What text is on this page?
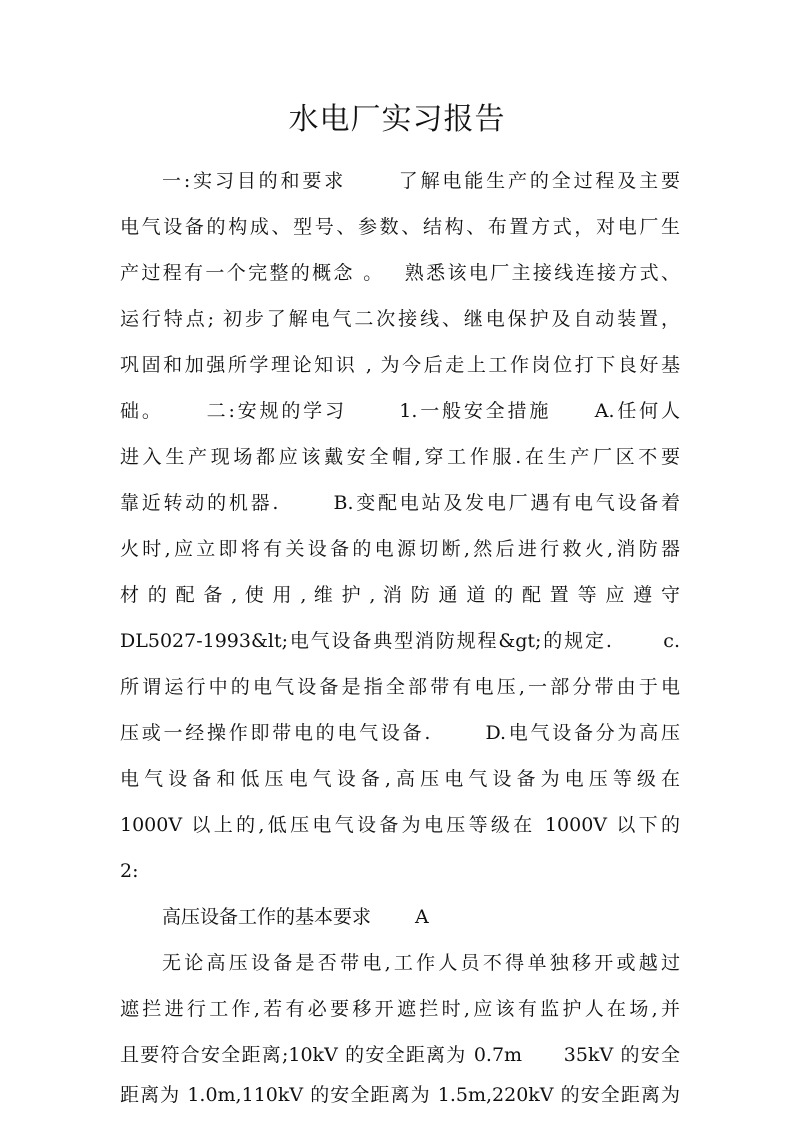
水电厂实习报告
一:实习目的和要求　　 了解电能生产的全过程及主要
电气设备的构成、型号、参数、结构、布置方式，对电厂生
产过程有一个完整的概念 。　 熟悉该电厂主接线连接方式、
运行特点; 初步了解电气二次接线、继电保护及自动装置，
巩固和加强所学理论知识 , 为今后走上工作岗位打下良好基
础。　　 二:安规的学习　　 1.一般安全措施　　A.任何人
进入生产现场都应该戴安全帽,穿工作服.在生产厂区不要
靠近转动的机器.　　 B.变配电站及发电厂遇有电气设备着
火时,应立即将有关设备的电源切断,然后进行救火,消防器
材 的 配 备 , 使 用 , 维 护 , 消 防 通 道 的 配 置 等 应 遵 守
DL5027-1993&lt;电气设备典型消防规程&gt;的规定.　　 c.
所谓运行中的电气设备是指全部带有电压,一部分带由于电
压或一经操作即带电的电气设备.　　 D.电气设备分为高压
电气设备和低压电气设备,高压电气设备为电压等级在
1000V 以上的,低压电气设备为电压等级在 1000V 以下的
2:
高压设备工作的基本要求　　 A
无论高压设备是否带电,工作人员不得单独移开或越过
遮拦进行工作,若有必要移开遮拦时,应该有监护人在场,并
且要符合安全距离;10kV 的安全距离为 0.7m　　35kV 的安全
距离为 1.0m,110kV 的安全距离为 1.5m,220kV 的安全距离为
